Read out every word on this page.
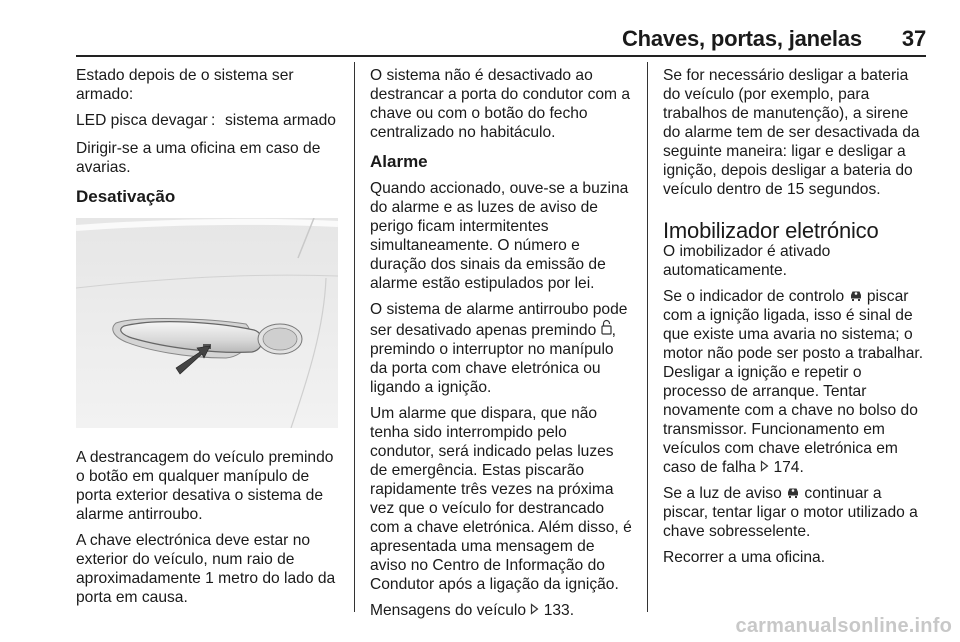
Chaves, portas, janelas 37

Estado depois de o sistema ser armado:

LED pisca devagar : sistema armado

Dirigir-se a uma oficina em caso de avarias.

Desativação

A destrancagem do veículo premindo o botão em qualquer manípulo de porta exterior desativa o sistema de alarme antirroubo.

A chave electrónica deve estar no exterior do veículo, num raio de aproximadamente 1 metro do lado da porta em causa.

O sistema não é desactivado ao destrancar a porta do condutor com a chave ou com o botão do fecho centralizado no habitáculo.

Alarme

Quando accionado, ouve-se a buzina do alarme e as luzes de aviso de perigo ficam intermitentes simultaneamente. O número e duração dos sinais da emissão de alarme estão estipulados por lei.

O sistema de alarme antirroubo pode ser desativado apenas premindo , premindo o interruptor no manípulo da porta com chave eletrónica ou ligando a ignição.

Um alarme que dispara, que não tenha sido interrompido pelo condutor, será indicado pelas luzes de emergência. Estas piscarão rapidamente três vezes na próxima vez que o veículo for destrancado com a chave eletrónica. Além disso, é apresentada uma mensagem de aviso no Centro de Informação do Condutor após a ligação da ignição.

Mensagens do veículo  133.

Se for necessário desligar a bateria do veículo (por exemplo, para trabalhos de manutenção), a sirene do alarme tem de ser desactivada da seguinte maneira: ligar e desligar a ignição, depois desligar a bateria do veículo dentro de 15 segundos.

Imobilizador eletrónico

O imobilizador é ativado automaticamente.

Se o indicador de controlo  piscar com a ignição ligada, isso é sinal de que existe uma avaria no sistema; o motor não pode ser posto a trabalhar. Desligar a ignição e repetir o processo de arranque. Tentar novamente com a chave no bolso do transmissor. Funcionamento em veículos com chave eletrónica em caso de falha  174.

Se a luz de aviso  continuar a piscar, tentar ligar o motor utilizado a chave sobresselente.

Recorrer a uma oficina.

carmanualsonline.info
